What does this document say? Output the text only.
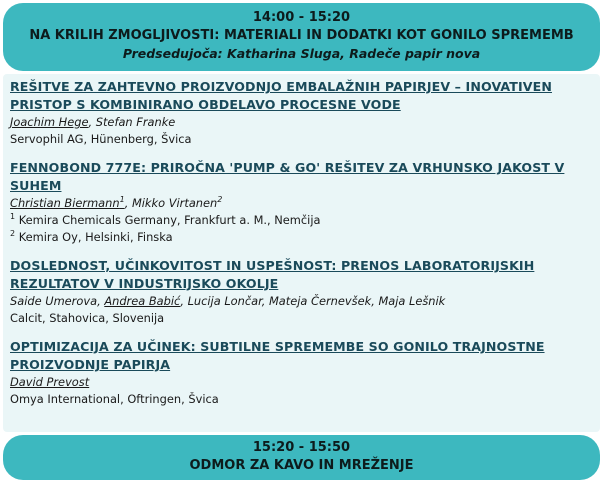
14:00 - 15:20
NA KRILIH ZMOGLJIVOSTI: MATERIALI IN DODATKI KOT GONILO SPREMEMB
Predsedujoča: Katharina Sluga, Radeče papir nova
REŠITVE ZA ZAHTEVNO PROIZVODNJO EMBALAŽNIH PAPIRJEV – INOVATIVEN PRISTOP S KOMBINIRANO OBDELAVO PROCESNE VODE
Joachim Hege, Stefan Franke
Servophil AG, Hünenberg, Švica
FENNOBOND 777E: PRIROČNA 'PUMP & GO' REŠITEV ZA VRHUNSKO JAKOST V SUHEM
Christian Biermann$^1$, Mikko Virtanen$^2$
$^1$ Kemira Chemicals Germany, Frankfurt a. M., Nemčija
$^2$ Kemira Oy, Helsinki, Finska
DOSLEDNOST, UČINKOVITOST IN USPEŠNOST: PRENOS LABORATORIJSKIH REZULTATOV V INDUSTRIJSKO OKOLJE
Saide Umerova, Andrea Babić, Lucija Lončar, Mateja Černevšek, Maja Lešnik
Calcit, Stahovica, Slovenija
OPTIMIZACIJA ZA UČINEK: SUBTILNE SPREMEMBE SO GONILO TRAJNOSTNE PROIZVODNJE PAPIRJA
David Prevost
Omya International, Oftringen, Švica
15:20 - 15:50
ODMOR ZA KAVO IN MREŽENJE
